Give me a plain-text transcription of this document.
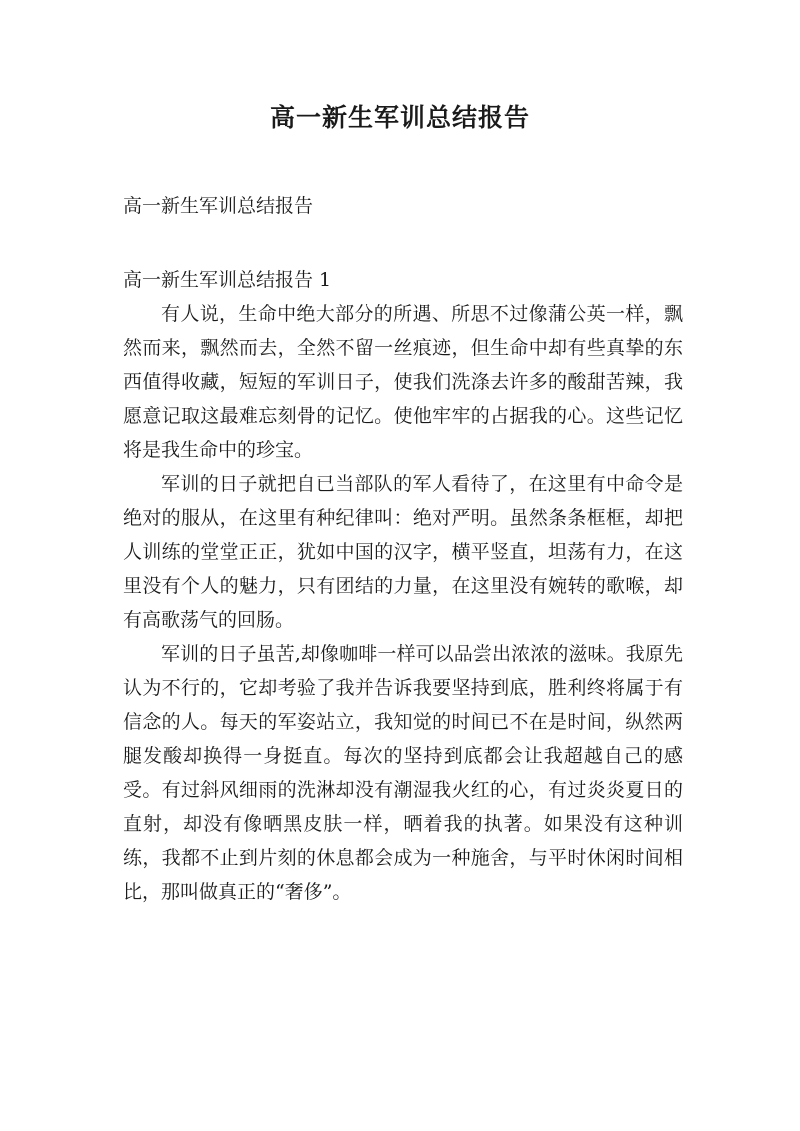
高一新生军训总结报告
高一新生军训总结报告
高一新生军训总结报告 1

有人说，生命中绝大部分的所遇、所思不过像蒲公英一样，飘然而来，飘然而去，全然不留一丝痕迹，但生命中却有些真挚的东西值得收藏，短短的军训日子，使我们洗涤去许多的酸甜苦辣，我愿意记取这最难忘刻骨的记忆。使他牢牢的占据我的心。这些记忆将是我生命中的珍宝。

军训的日子就把自已当部队的军人看待了，在这里有中命令是绝对的服从，在这里有种纪律叫：绝对严明。虽然条条框框，却把人训练的堂堂正正，犹如中国的汉字，横平竖直，坦荡有力，在这里没有个人的魅力，只有团结的力量，在这里没有婉转的歌喉，却有高歌荡气的回肠。

军训的日子虽苦,却像咖啡一样可以品尝出浓浓的滋味。我原先认为不行的，它却考验了我并告诉我要坚持到底，胜利终将属于有信念的人。每天的军姿站立，我知觉的时间已不在是时间，纵然两腿发酸却换得一身挺直。每次的坚持到底都会让我超越自己的感受。有过斜风细雨的洗淋却没有潮湿我火红的心，有过炎炎夏日的直射，却没有像晒黑皮肤一样，晒着我的执著。如果没有这种训练，我都不止到片刻的休息都会成为一种施舍，与平时休闲时间相比，那叫做真正的“奢侈”。
